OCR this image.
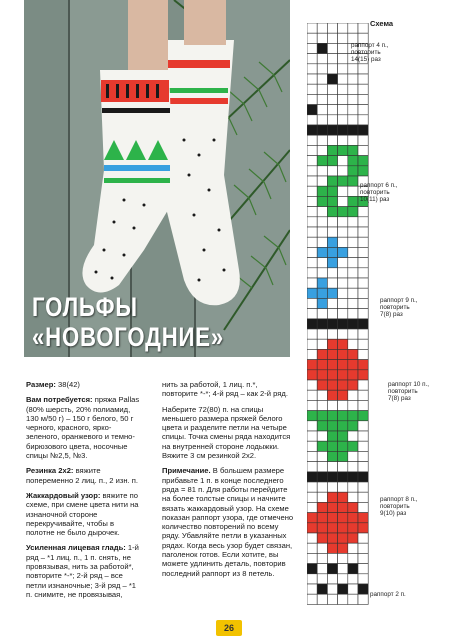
ГОЛЬФЫ
«НОВОГОДНИЕ»

Размер: 38(42)

Вам потребуется: пряжа Pallas (80% шерсть, 20% полиамид, 130 м/50 г) – 150 г белого, 50 г черного, красного, ярко-зеленого, оранжевого и темно-бирюзового цвета, носочные спицы №2,5, №3.

Резинка 2х2: вяжите попеременно 2 лиц. п., 2 изн. п.

Жаккардовый узор: вяжите по схеме, при смене цвета нити на изнаночной стороне перекручивайте, чтобы в полотне не было дырочек.

Усиленная лицевая гладь: 1-й ряд – *1 лиц. п., 1 п. снять, не провязывая, нить за работой*, повторите *-*; 2-й ряд – все петли изнаночные; 3-й ряд – *1 п. снимите, не провязывая,

нить за работой, 1 лиц. п.*, повторите *-*; 4-й ряд – как 2-й ряд.

Наберите 72(80) п. на спицы меньшего размера пряжей белого цвета и разделите петли на четыре спицы. Точка смены ряда находится на внутренней стороне лодыжки. Вяжите 3 см резинкой 2х2.

Примечание. В большем размере прибавьте 1 п. в конце последнего ряда = 81 п. Для работы перейдите на более толстые спицы и начните вязать жаккардовый узор. На схеме показан раппорт узора, где отмечено количество повторений по всему ряду. Убавляйте петли в указанных рядах. Когда весь узор будет связан, паголенок готов. Если хотите, вы можете удлинить деталь, повторив последний раппорт из 8 петель.

Схема
раппорт 4 п.,
повторить
14(15) раз
раппорт 6 п.,
повторить
10(11) раз
раппорт 9 п.,
повторить
7(8) раз
раппорт 10 п.,
повторить
7(8) раз
раппорт 8 п.,
повторить
9(10) раз
раппорт 2 п.
26
